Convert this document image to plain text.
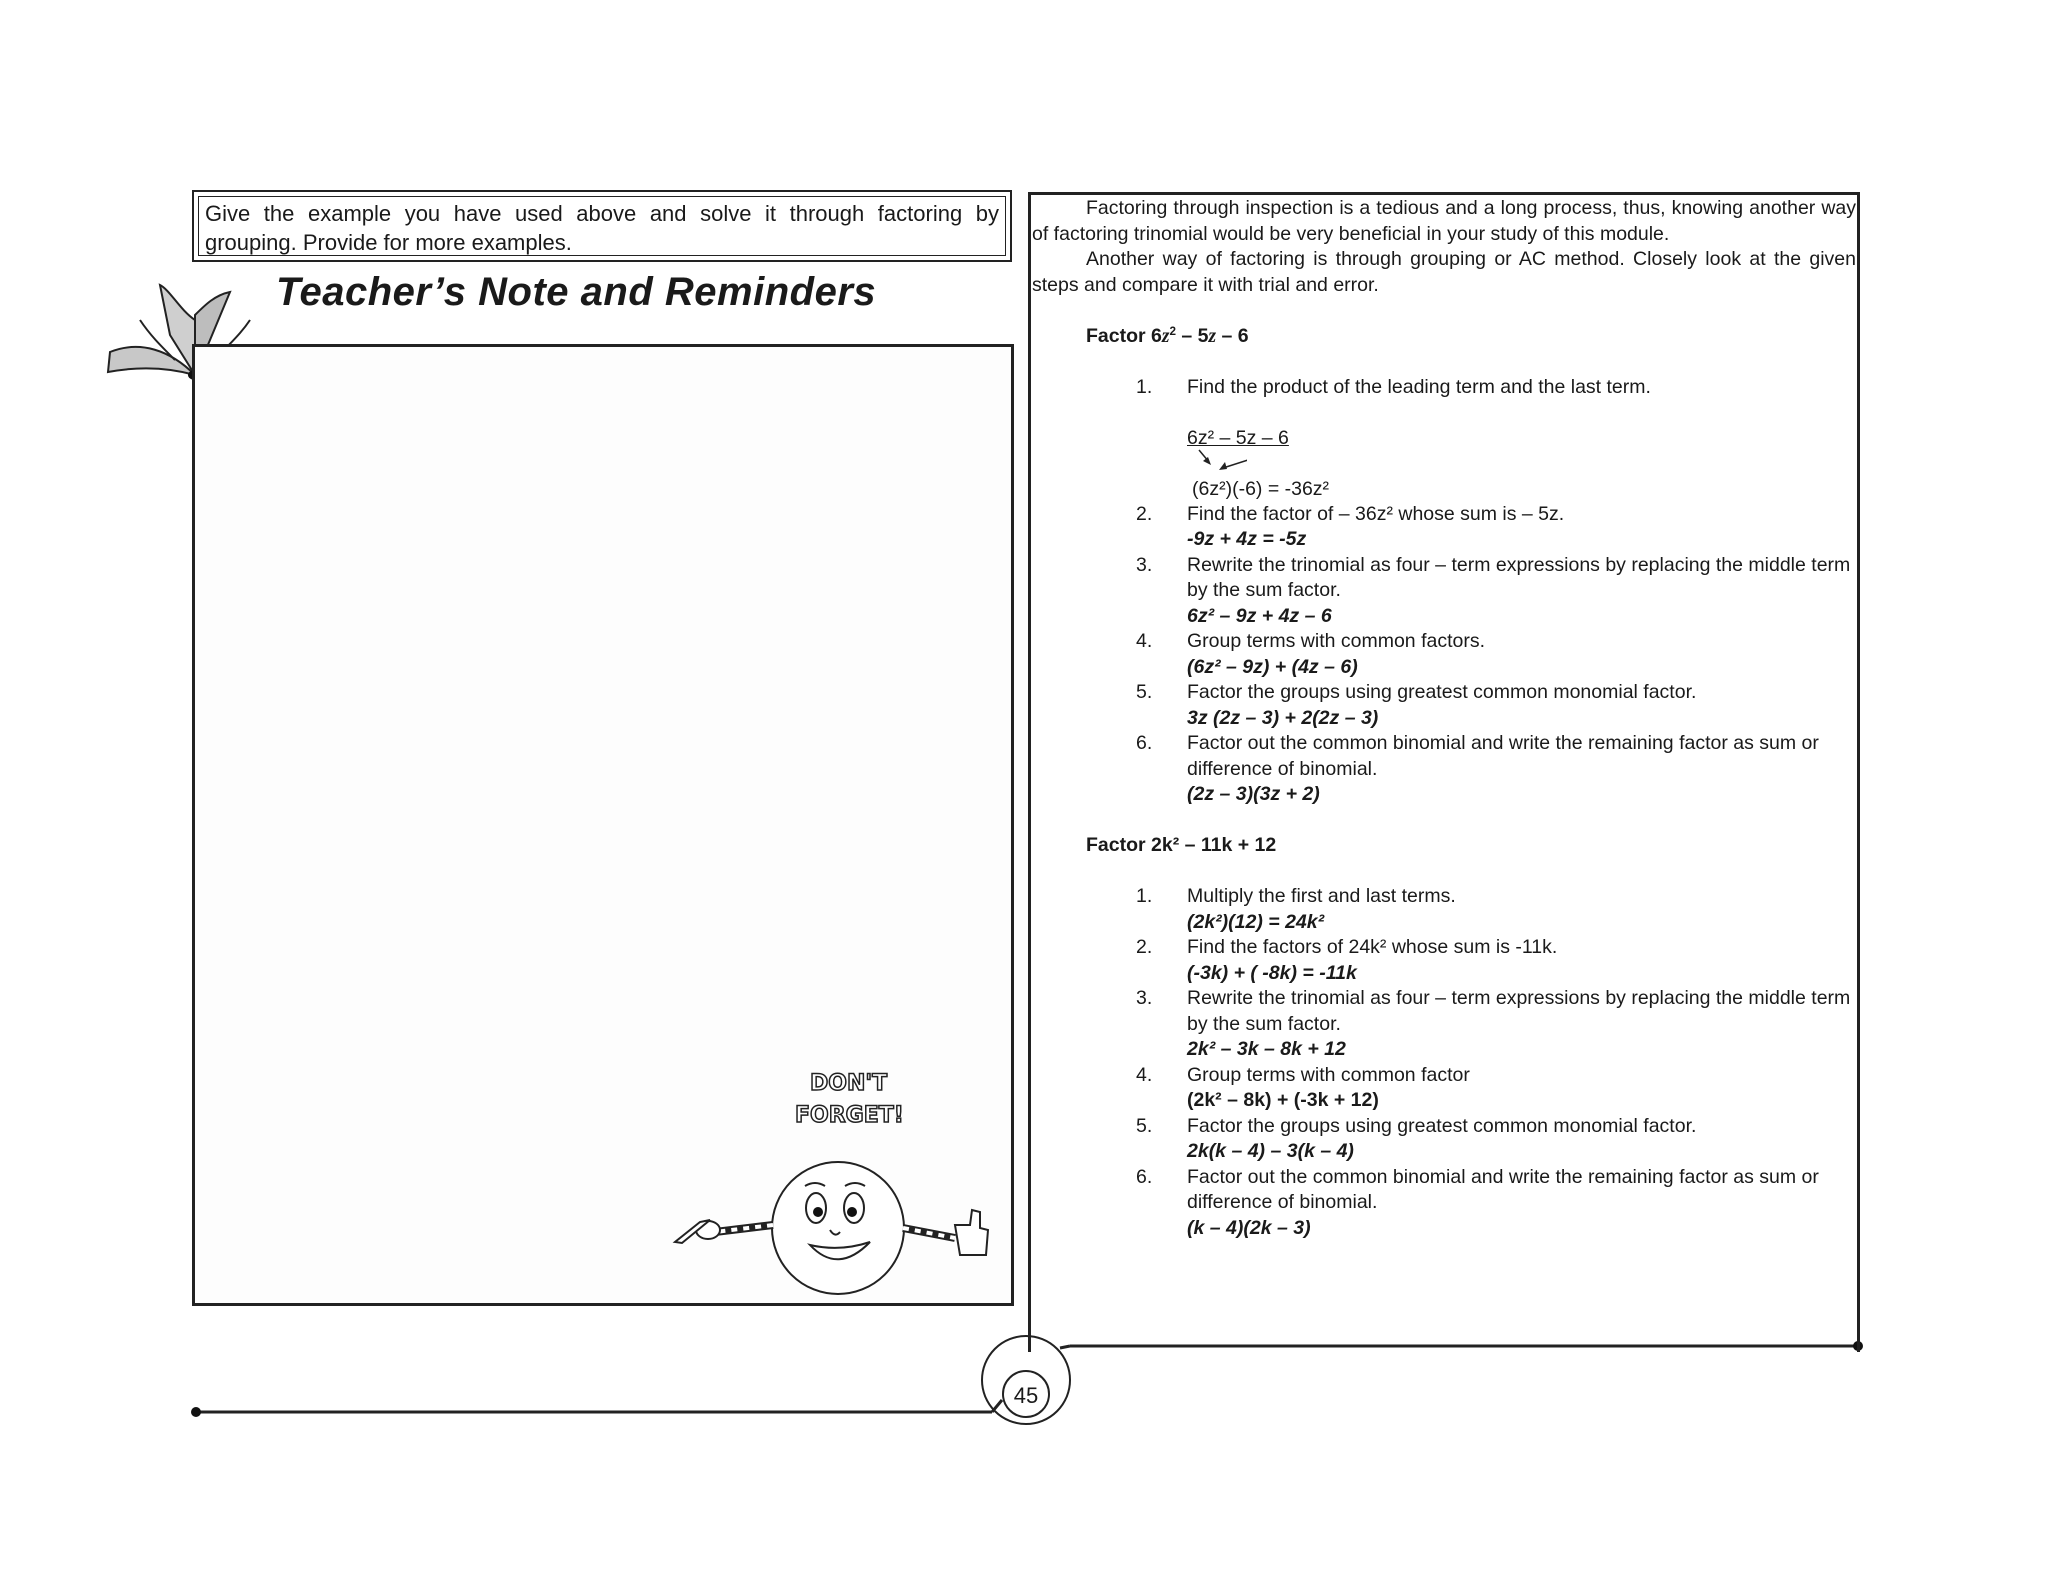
Give the example you have used above and solve it through factoring by grouping. Provide for more examples.
Teacher’s Note and Reminders
DON'T
FORGET!

Factoring through inspection is a tedious and a long process, thus, knowing another way of factoring trinomial would be very beneficial in your study of this module.

Another way of factoring is through grouping or AC method. Closely look at the given steps and compare it with trial and error.

Factor $6z^2 - 5z - 6$
1. Find the product of the leading term and the last term.
6z² – 5z – 6
(6z²)(-6) = -36z²
2. Find the factor of – 36z² whose sum is – 5z.
-9z + 4z = -5z
3. Rewrite the trinomial as four – term expressions by replacing the middle term by the sum factor.
6z² – 9z + 4z – 6
4. Group terms with common factors.
(6z² – 9z) + (4z – 6)
5. Factor the groups using greatest common monomial factor.
3z (2z – 3) + 2(2z – 3)
6. Factor out the common binomial and write the remaining factor as sum or difference of binomial.
(2z – 3)(3z + 2)
Factor 2k² – 11k + 12
1. Multiply the first and last terms.
(2k²)(12) = 24k²
2. Find the factors of 24k² whose sum is -11k.
(-3k) + ( -8k) = -11k
3. Rewrite the trinomial as four – term expressions by replacing the middle term by the sum factor.
2k² – 3k – 8k + 12
4. Group terms with common factor
(2k² – 8k) + (-3k + 12)
5. Factor the groups using greatest common monomial factor.
2k(k – 4) – 3(k – 4)
6. Factor out the common binomial and write the remaining factor as sum or difference of binomial.
(k – 4)(2k – 3)
45
